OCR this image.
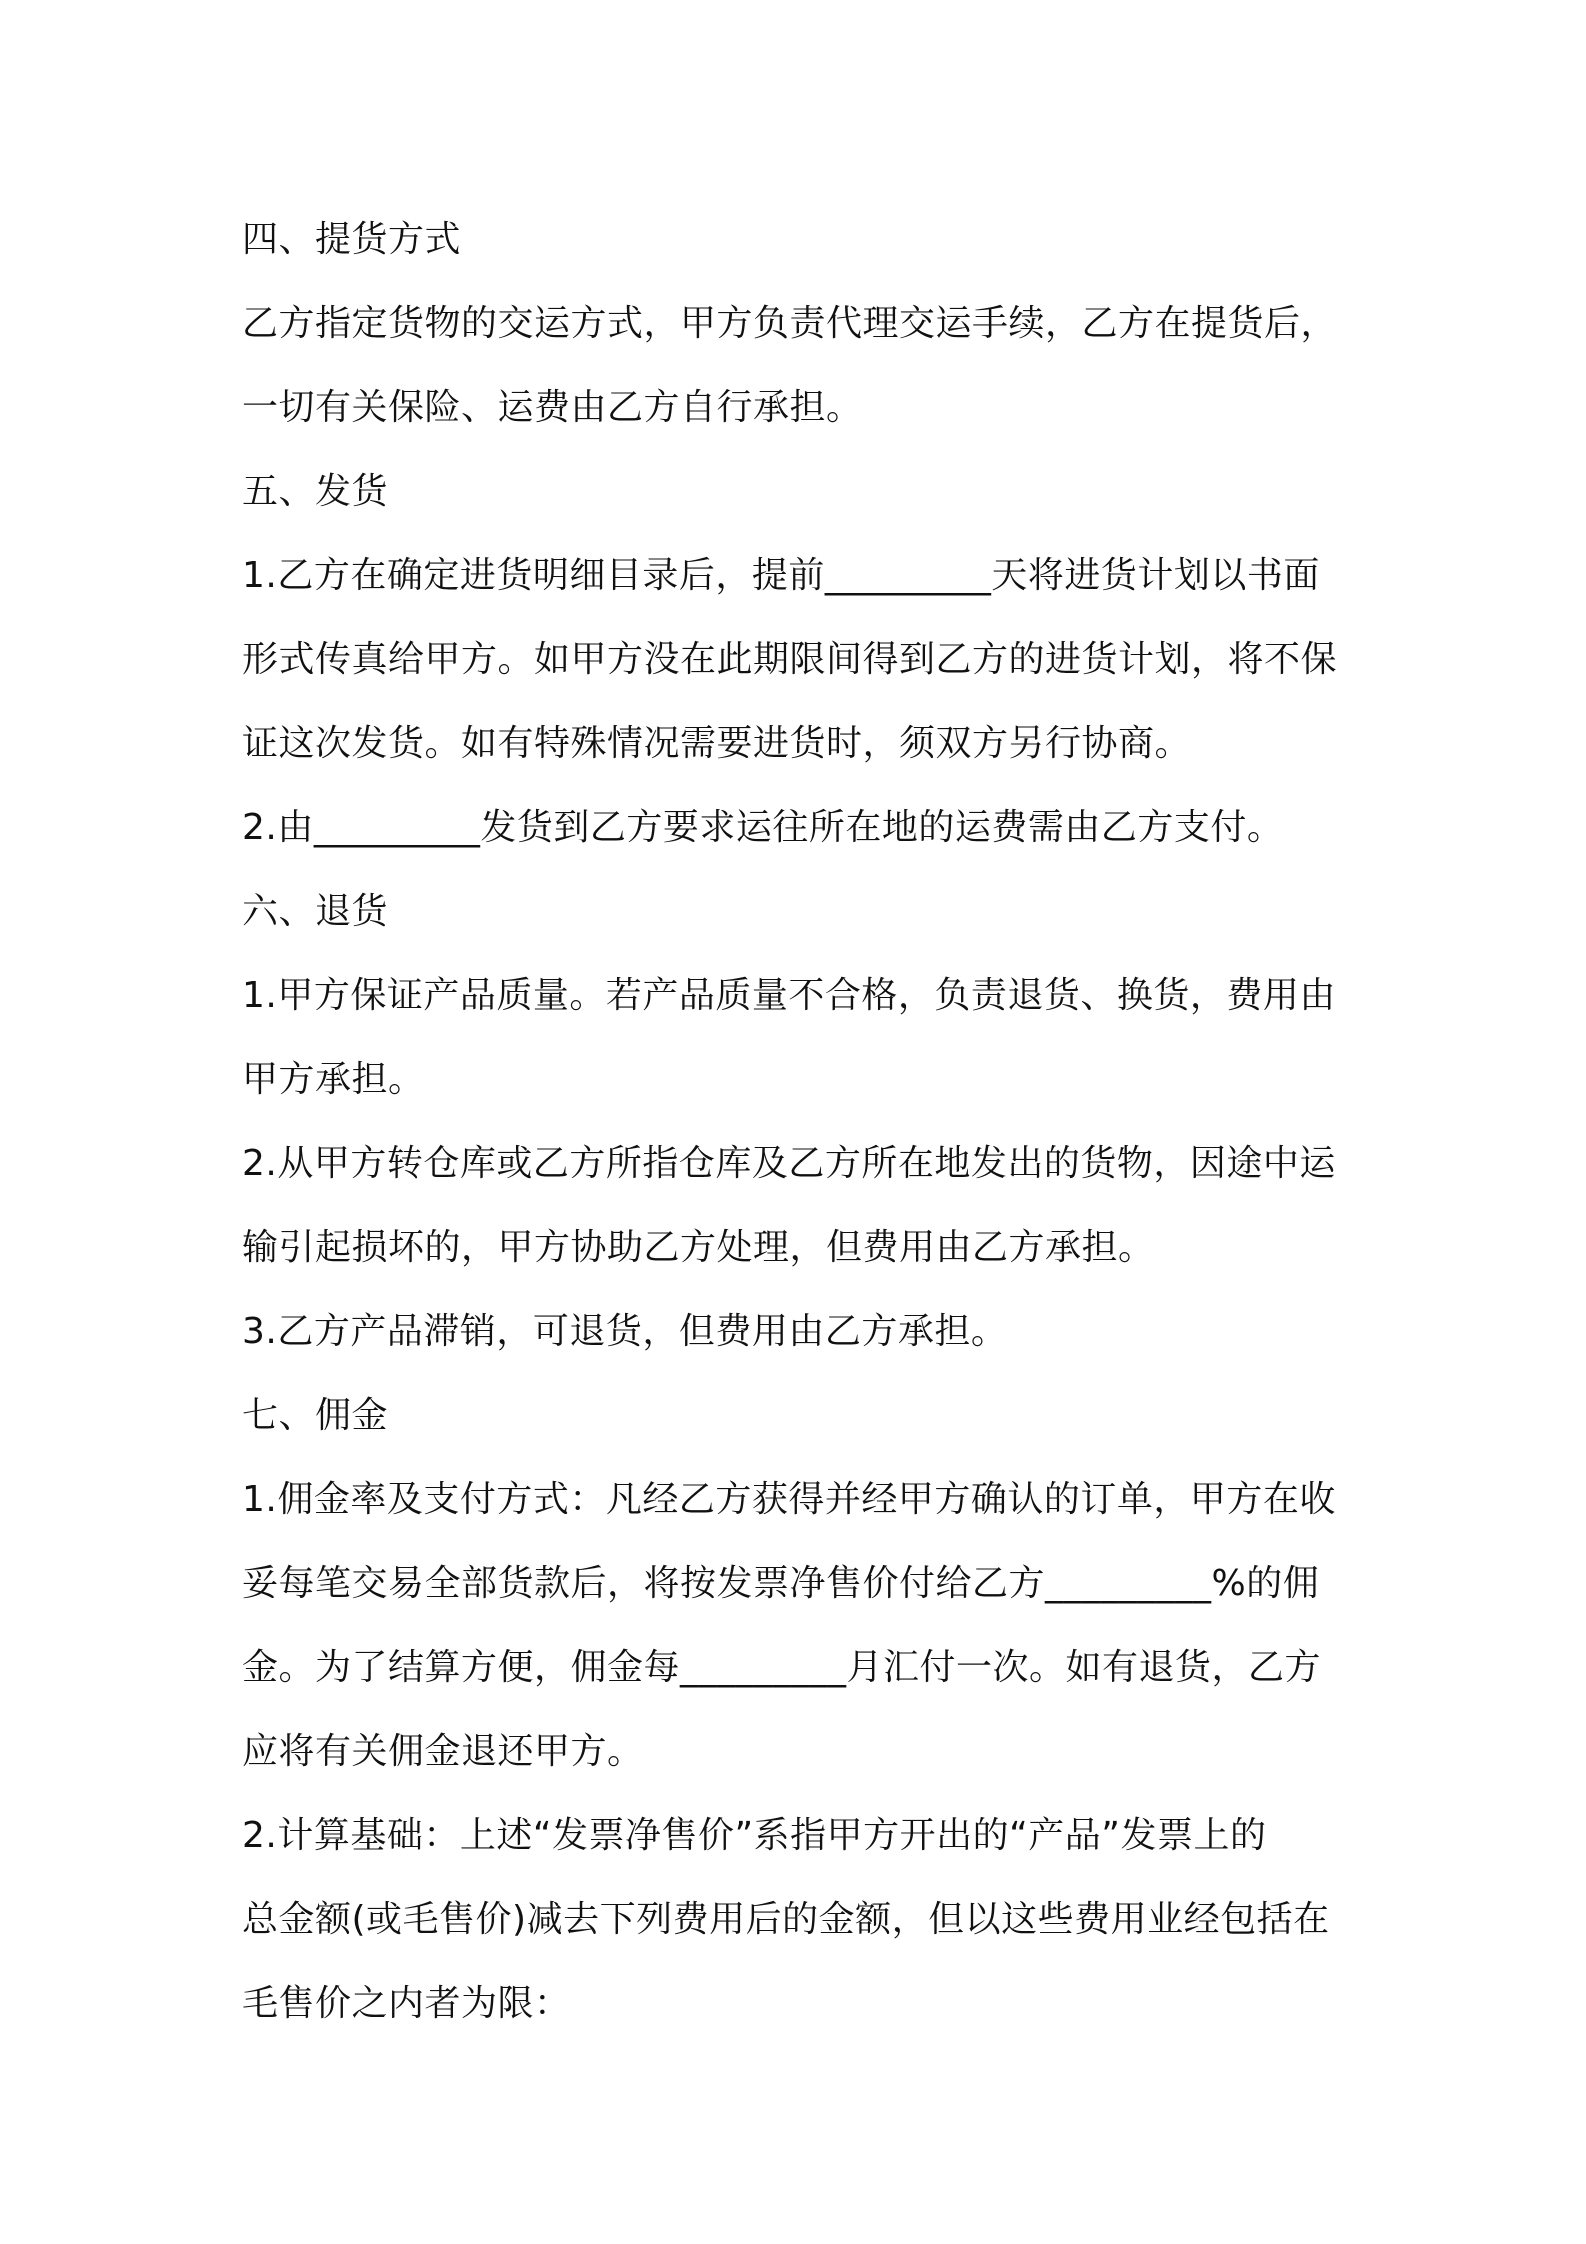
四、提货方式
乙方指定货物的交运方式，甲方负责代理交运手续，乙方在提货后，
一切有关保险、运费由乙方自行承担。
五、发货
1.乙方在确定进货明细目录后，提前_________天将进货计划以书面
形式传真给甲方。如甲方没在此期限间得到乙方的进货计划，将不保
证这次发货。如有特殊情况需要进货时，须双方另行协商。
2.由_________发货到乙方要求运往所在地的运费需由乙方支付。
六、退货
1.甲方保证产品质量。若产品质量不合格，负责退货、换货，费用由
甲方承担。
2.从甲方转仓库或乙方所指仓库及乙方所在地发出的货物，因途中运
输引起损坏的，甲方协助乙方处理，但费用由乙方承担。
3.乙方产品滞销，可退货，但费用由乙方承担。
七、佣金
1.佣金率及支付方式：凡经乙方获得并经甲方确认的订单，甲方在收
妥每笔交易全部货款后，将按发票净售价付给乙方_________%的佣
金。为了结算方便，佣金每_________月汇付一次。如有退货，乙方
应将有关佣金退还甲方。
2.计算基础：上述“发票净售价”系指甲方开出的“产品”发票上的
总金额(或毛售价)减去下列费用后的金额，但以这些费用业经包括在
毛售价之内者为限：
